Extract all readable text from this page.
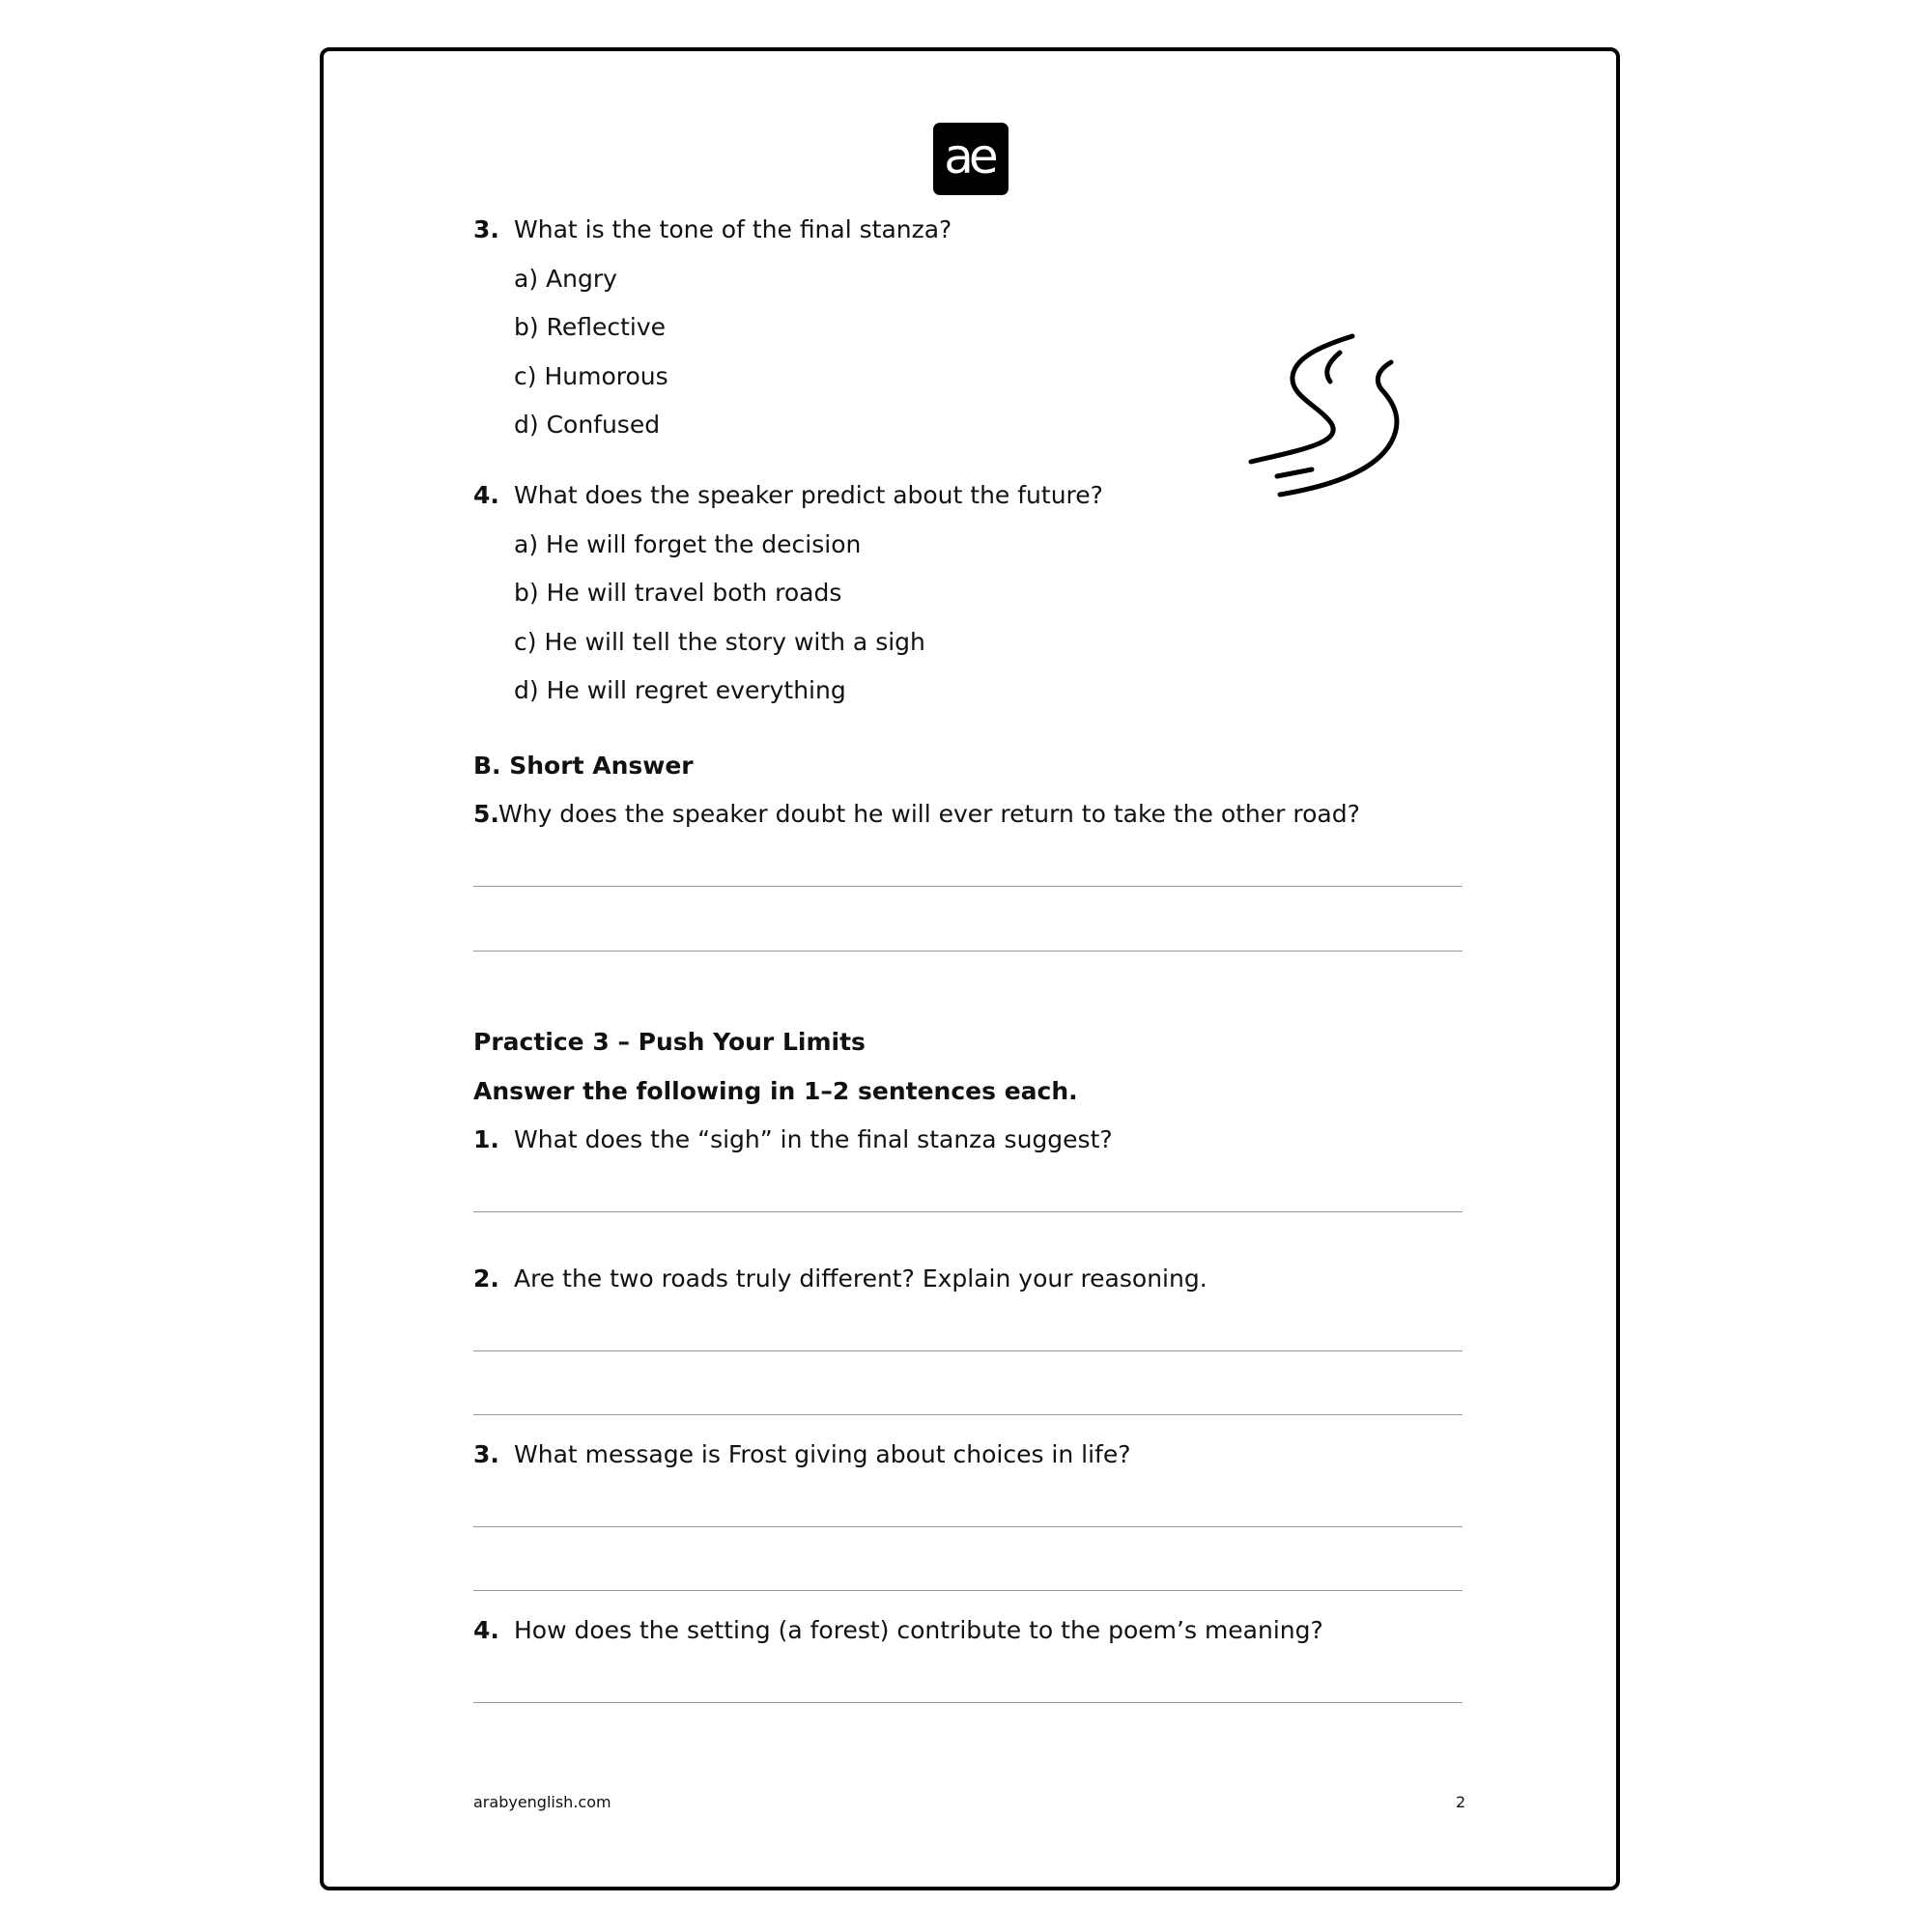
ae
3. What is the tone of the final stanza?
a) Angry
b) Reflective
c) Humorous
d) Confused
4. What does the speaker predict about the future?
a) He will forget the decision
b) He will travel both roads
c) He will tell the story with a sigh
d) He will regret everything
B. Short Answer
5. Why does the speaker doubt he will ever return to take the other road?
Practice 3 – Push Your Limits
Answer the following in 1–2 sentences each.
1. What does the “sigh” in the final stanza suggest?
2. Are the two roads truly different? Explain your reasoning.
3. What message is Frost giving about choices in life?
4. How does the setting (a forest) contribute to the poem’s meaning?
arabyenglish.com	2
